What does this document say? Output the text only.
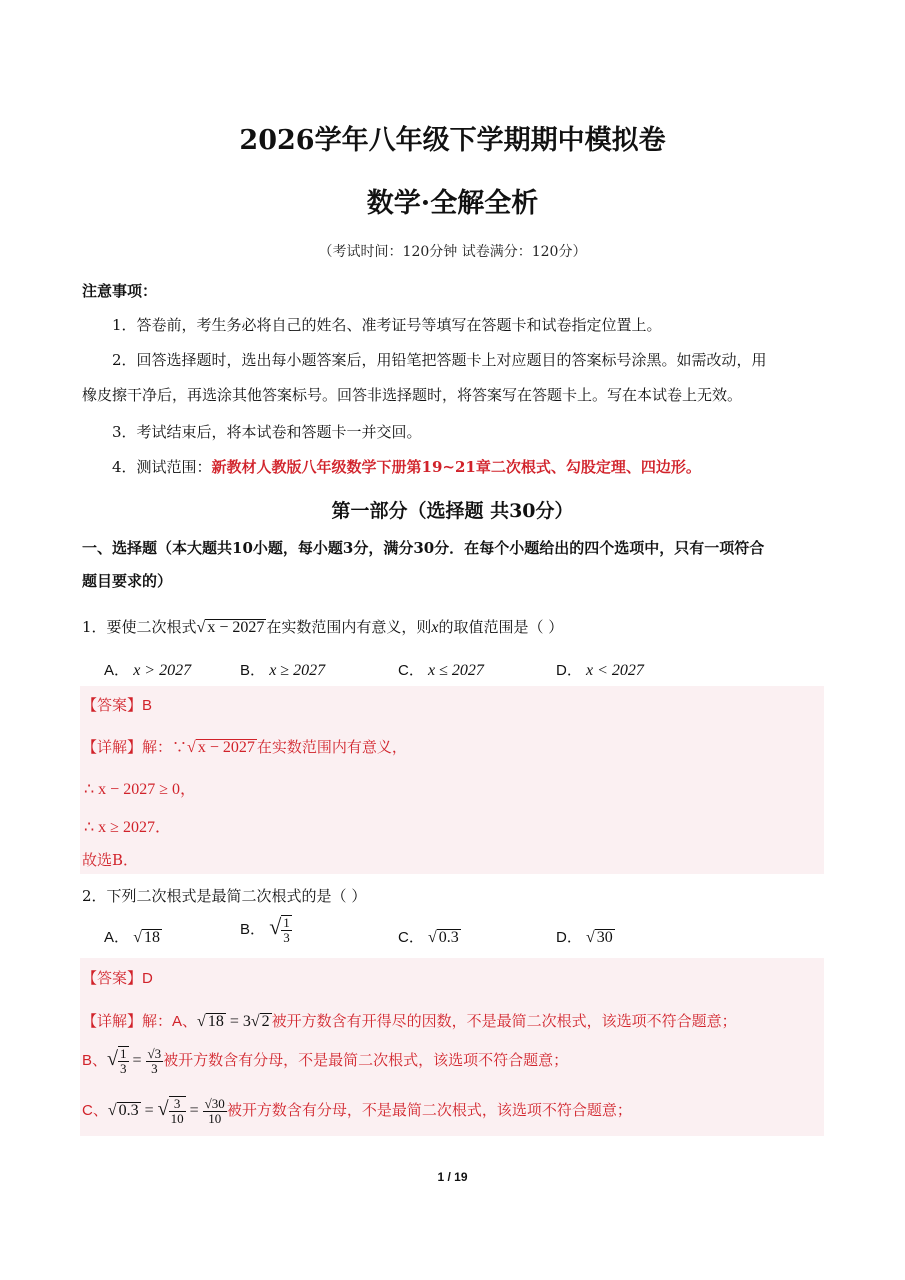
2026学年八年级下学期期中模拟卷
数学·全解全析
（考试时间：120分钟 试卷满分：120分）
注意事项：
1．答卷前，考生务必将自己的姓名、准考证号等填写在答题卡和试卷指定位置上。
2．回答选择题时，选出每小题答案后，用铅笔把答题卡上对应题目的答案标号涂黑。如需改动，用
橡皮擦干净后，再选涂其他答案标号。回答非选择题时，将答案写在答题卡上。写在本试卷上无效。
3．考试结束后，将本试卷和答题卡一并交回。
4．测试范围：新教材人教版八年级数学下册第19~21章二次根式、勾股定理、四边形。
第一部分（选择题 共30分）
一、选择题（本大题共10小题，每小题3分，满分30分．在每个小题给出的四个选项中，只有一项符合
题目要求的）
1．要使二次根式√ x − 2027 在实数范围内有意义，则x的取值范围是（ ）
A． x > 2027	B． x ≥ 2027	C． x ≤ 2027	D． x < 2027
【答案】B
【详解】解：∵√ x − 2027 在实数范围内有意义，
∴ x − 2027 ≥ 0，
∴ x ≥ 2027．
故选B．
2．下列二次根式是最简二次根式的是（ ）
A． √ 18	B． √ $\frac{1}{3}$	C． √ 0.3	D． √ 30
【答案】D
【详解】解：A、√ 18 = 3√ 2 被开方数含有开得尽的因数，不是最简二次根式，该选项不符合题意；
B、√ $\frac{1}{3} = \frac{√3}{3}$ 被开方数含有分母，不是最简二次根式，该选项不符合题意；
C、√ 0.3 = √ $\frac{3}{10} = \frac{√30}{10}$ 被开方数含有分母，不是最简二次根式，该选项不符合题意；
1 / 19
